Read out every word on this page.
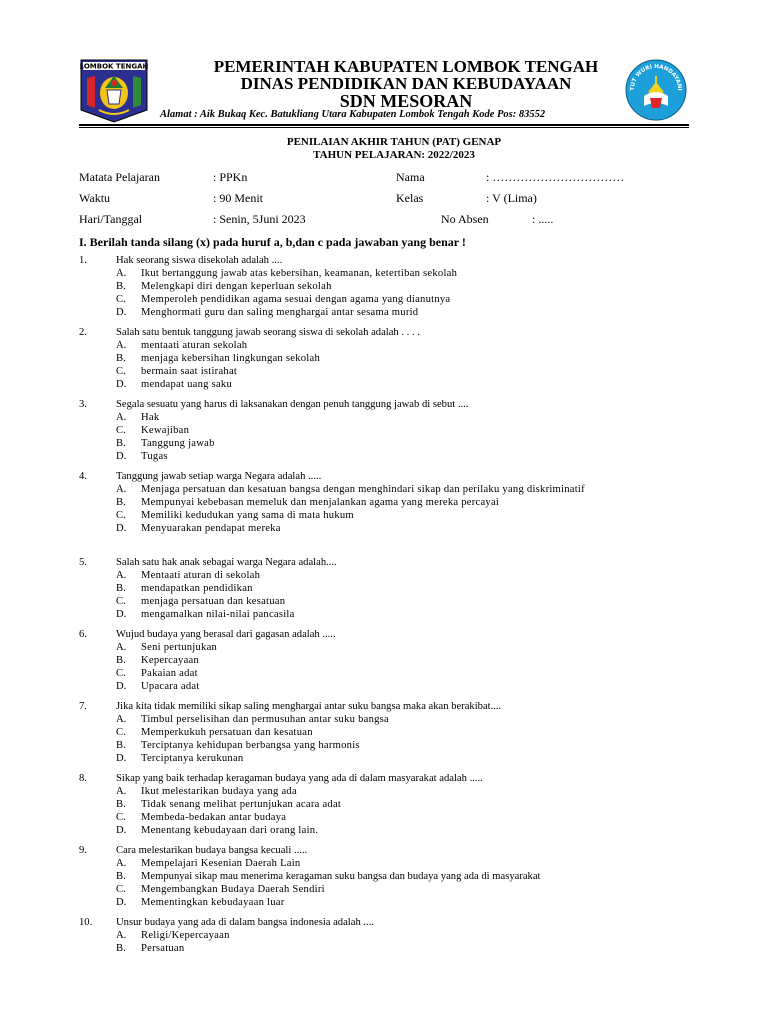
LOMBOK TENGAH
TUT WURI HANDAYANI
PEMERINTAH KABUPATEN LOMBOK TENGAH
DINAS PENDIDIKAN DAN KEBUDAYAAN
SDN MESORAN
Alamat : Aik Bukaq Kec. Batukliang Utara Kabupaten Lombok Tengah Kode Pos: 83552
PENILAIAN AKHIR TAHUN (PAT) GENAP
TAHUN PELAJARAN: 2022/2023
Matata Pelajaran	: PPKn	Nama	: ……………………………
Waktu	: 90 Menit	Kelas	: V (Lima)
Hari/Tanggal	: Senin, 5Juni 2023	No Absen	: .....
I. Berilah tanda silang (x) pada huruf a, b,dan c pada jawaban yang benar !
1.	Hak seorang siswa disekolah adalah ....
A.	Ikut bertanggung jawab atas kebersihan, keamanan, ketertiban sekolah
B.	Melengkapi diri dengan keperluan sekolah
C.	Memperoleh pendidikan agama sesuai dengan agama yang dianutnya
D.	Menghormati guru dan saling menghargai antar sesama murid
2.	Salah satu bentuk tanggung jawab seorang siswa di sekolah adalah . . . .
A.	mentaati aturan sekolah
B.	menjaga kebersihan lingkungan sekolah
C.	bermain saat istirahat
D.	mendapat uang saku
3.	Segala sesuatu yang harus di laksanakan dengan penuh tanggung jawab di sebut ....
A.	Hak
C.	Kewajiban
B.	Tanggung jawab
D.	Tugas
4.	Tanggung jawab setiap warga Negara adalah .....
A.	Menjaga persatuan dan kesatuan bangsa dengan menghindari sikap dan perilaku yang diskriminatif
B.	Mempunyai kebebasan memeluk dan menjalankan agama yang mereka percayai
C.	Memiliki kedudukan yang sama di mata hukum
D.	Menyuarakan pendapat mereka
5.	Salah satu hak anak sebagai warga Negara adalah....
A.	Mentaati aturan di sekolah
B.	mendapatkan pendidikan
C.	menjaga persatuan dan kesatuan
D.	mengamalkan nilai-nilai pancasila
6.	Wujud budaya yang berasal dari gagasan adalah .....
A.	Seni pertunjukan
B.	Kepercayaan
C.	Pakaian adat
D.	Upacara adat
7.	Jika kita tidak memiliki sikap saling menghargai antar suku bangsa maka akan berakibat....
A.	Timbul perselisihan dan permusuhan antar suku bangsa
C.	Memperkukuh persatuan dan kesatuan
B.	Terciptanya kehidupan berbangsa yang harmonis
D.	Terciptanya kerukunan
8.	Sikap yang baik terhadap keragaman budaya yang ada di dalam masyarakat adalah .....
A.	Ikut melestarikan budaya yang ada
B.	Tidak senang melihat pertunjukan acara adat
C.	Membeda-bedakan antar budaya
D.	Menentang kebudayaan dari orang lain.
9.	Cara melestarikan budaya bangsa kecuali .....
A.	Mempelajari Kesenian Daerah Lain
B.	Mempunyai sikap mau menerima keragaman suku bangsa dan budaya yang ada di masyarakat
C.	Mengembangkan Budaya Daerah Sendiri
D.	Mementingkan kebudayaan luar
10.	Unsur budaya yang ada di dalam bangsa indonesia adalah ....
A.	Religi/Kepercayaan
B.	Persatuan
